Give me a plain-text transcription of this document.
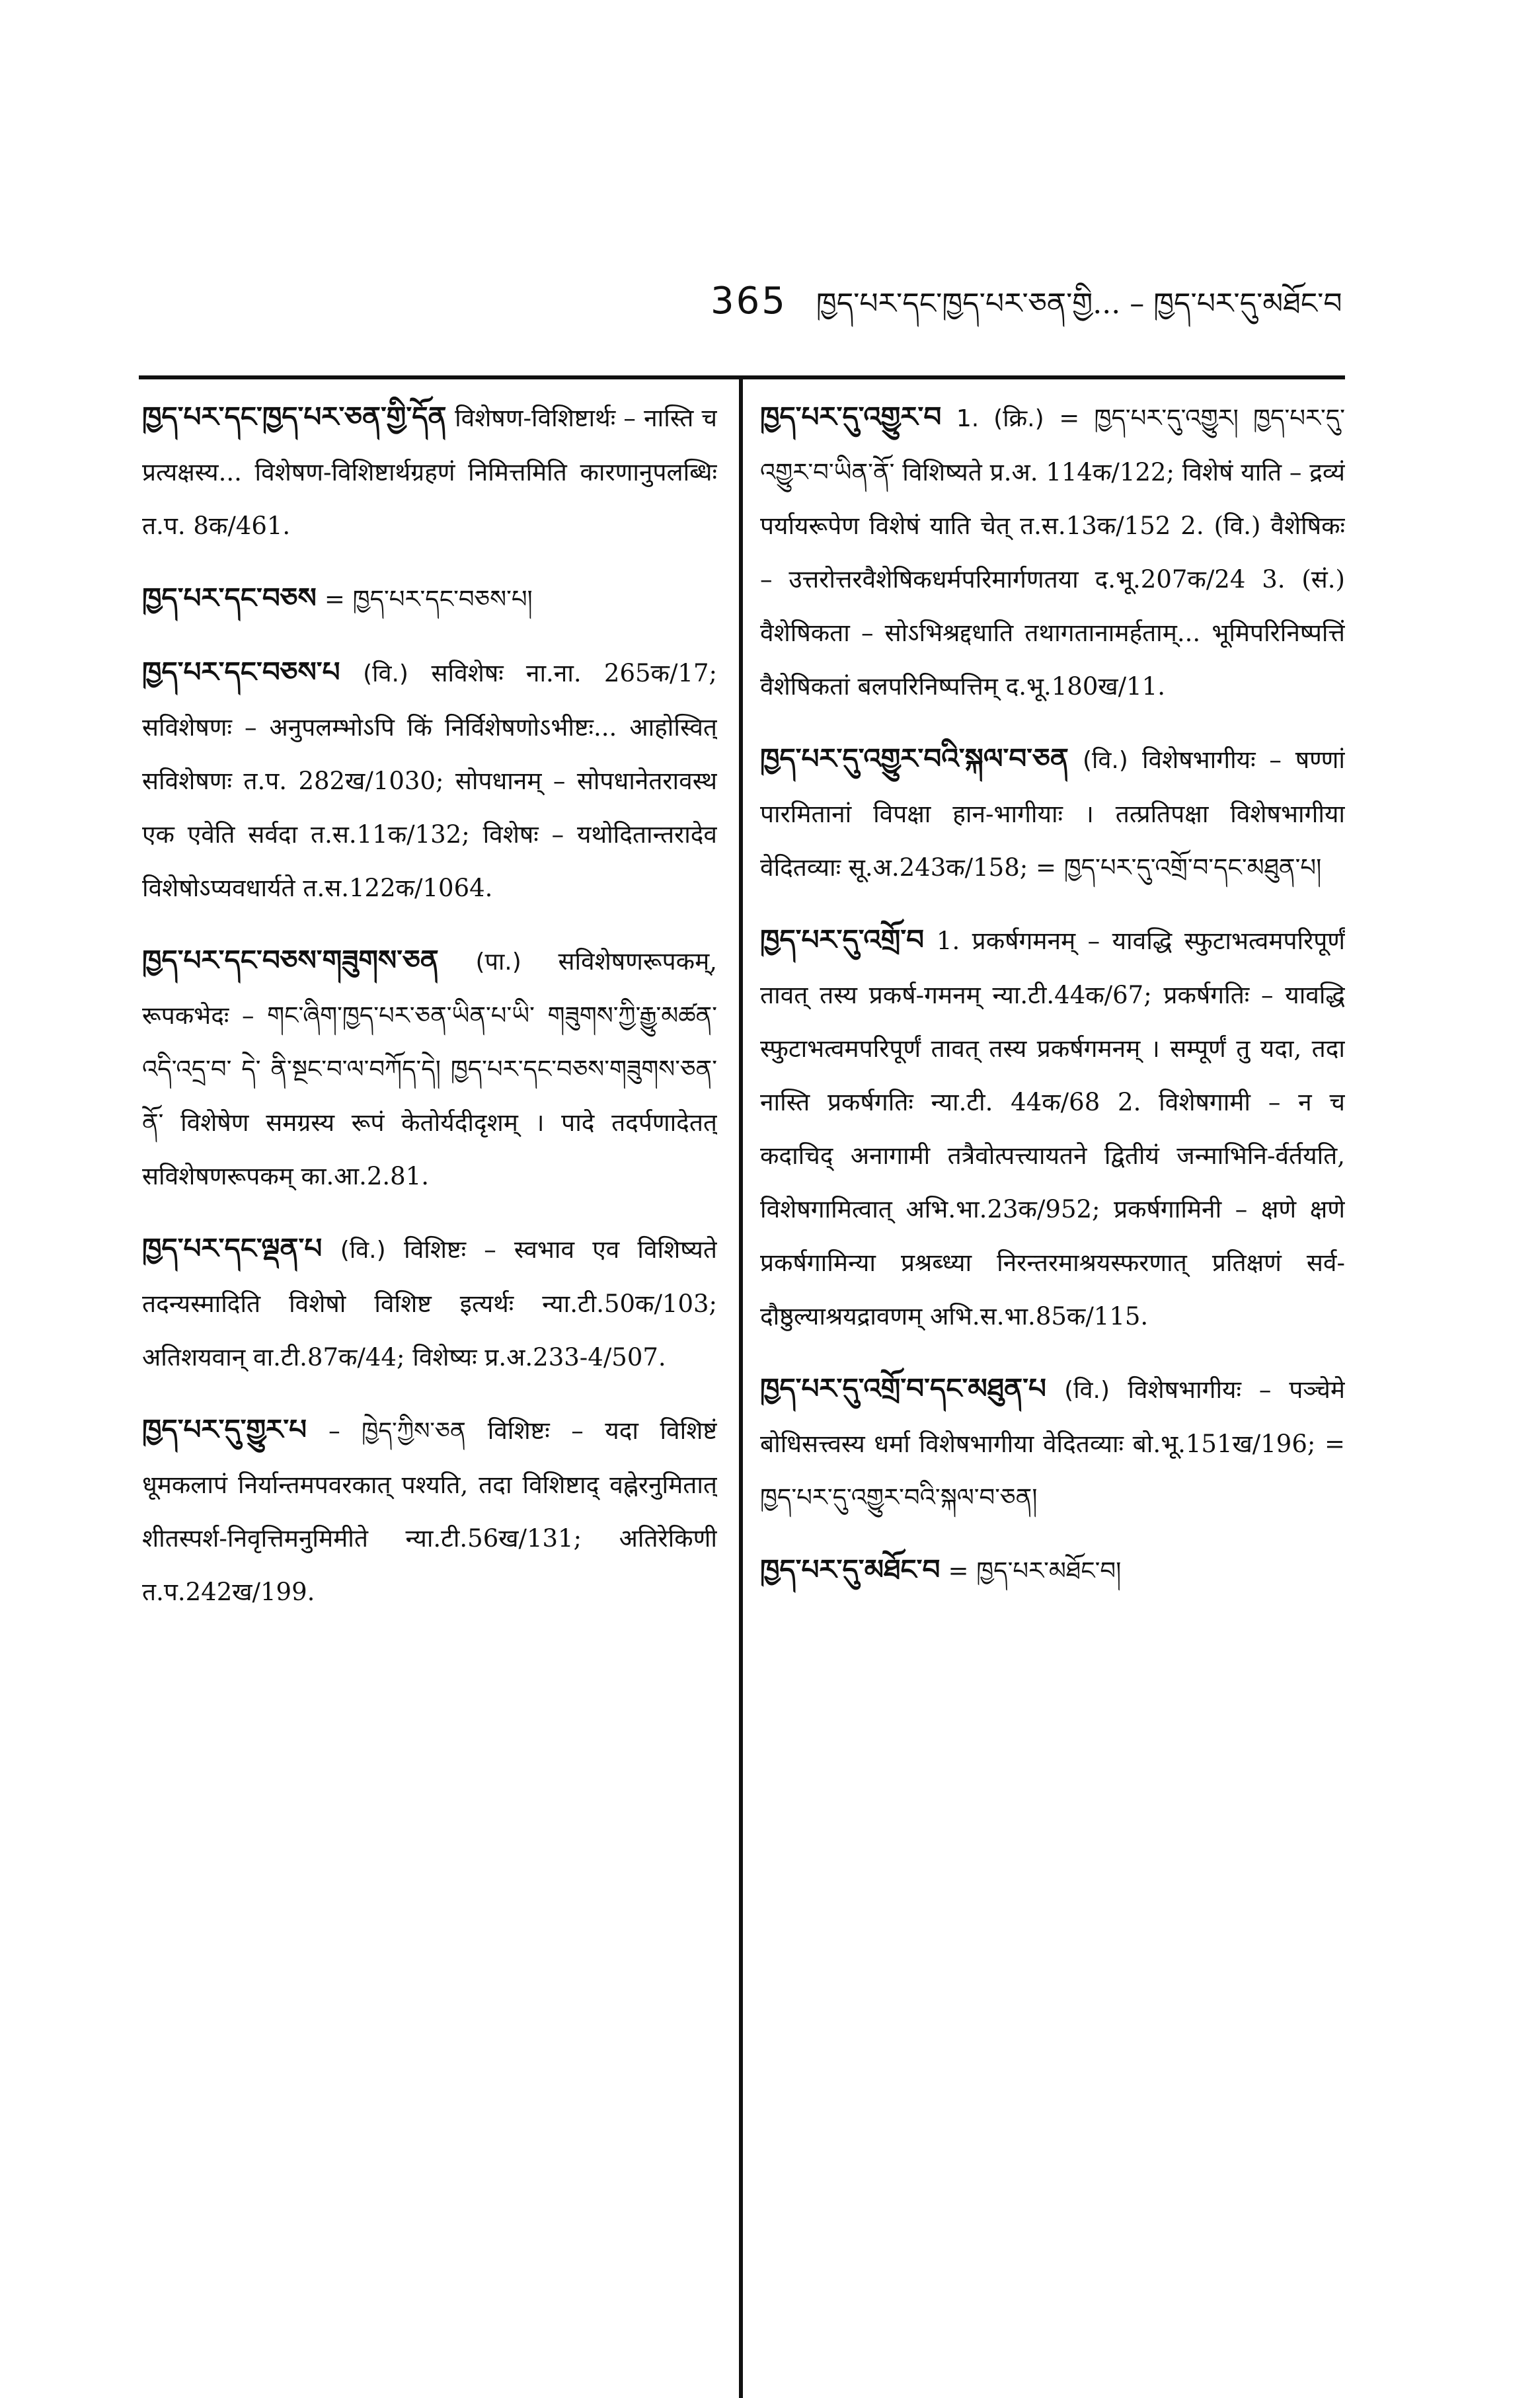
365 ཁྱད་པར་དང་ཁྱད་པར་ཅན་གྱི... – ཁྱད་པར་དུ་མཐོང་བ
ཁྱད་པར་དང་ཁྱད་པར་ཅན་གྱི་དོན विशेषण-विशिष्टार्थः – नास्ति च प्रत्यक्षस्य... विशेषण-विशिष्टार्थग्रहणं निमित्तमिति कारणानुपलब्धिः त.प. 8क/461.
ཁྱད་པར་དང་བཅས = ཁྱད་པར་དང་བཅས་པ།
ཁྱད་པར་དང་བཅས་པ (वि.) सविशेषः ना.ना. 265क/17; सविशेषणः – अनुपलम्भोऽपि किं निर्विशेषणोऽभीष्टः... आहोस्वित् सविशेषणः त.प. 282ख/1030; सोपधानम् – सोपधानेतरावस्थ एक एवेति सर्वदा त.स.11क/132; विशेषः – यथोदितान्तरादेव विशेषोऽप्यवधार्यते त.स.122क/1064.
ཁྱད་པར་དང་བཅས་གཟུགས་ཅན (पा.) सविशेषणरूपकम्, रूपकभेदः – གང་ཞིག་ཁྱད་པར་ཅན་ཡིན་པ་ཡི་ གཟུགས་ཀྱི་རྒྱུ་མཚན་འདི་འདྲ་བ་ དེ་ ནི་སྔང་བ་ལ་བཀོད་དེ། ཁྱད་པར་དང་བཅས་གཟུགས་ཅན་ནོ་ विशेषेण समग्रस्य रूपं केतोर्यदीदृशम् । पादे तदर्पणादेतत् सविशेषणरूपकम् का.आ.2.81.
ཁྱད་པར་དང་ལྡན་པ (वि.) विशिष्टः – स्वभाव एव विशिष्यते तदन्यस्मादिति विशेषो विशिष्ट इत्यर्थः न्या.टी.50क/103; अतिशयवान् वा.टी.87क/44; विशेष्यः प्र.अ.233-4/507.
ཁྱད་པར་དུ་གྱུར་པ – ཁྱེད་ཀྱིས་ཅན विशिष्टः – यदा विशिष्टं धूमकलापं निर्यान्तमपवरकात् पश्यति, तदा विशिष्टाद् वह्नेरनुमितात् शीतस्पर्श-निवृत्तिमनुमिमीते न्या.टी.56ख/131; अतिरेकिणी त.प.242ख/199.
ཁྱད་པར་དུ་འགྱུར་བ 1. (क्रि.) = ཁྱད་པར་དུ་འགྱུར། ཁྱད་པར་དུ་འགྱུར་བ་ཡིན་ནོ་ विशिष्यते प्र.अ. 114क/122; विशेषं याति – द्रव्यं पर्यायरूपेण विशेषं याति चेत् त.स.13क/152 2. (वि.) वैशेषिकः – उत्तरोत्तरवैशेषिकधर्मपरिमार्गणतया द.भू.207क/24 3. (सं.) वैशेषिकता – सोऽभिश्रद्दधाति तथागतानामर्हताम्... भूमिपरिनिष्पत्तिं वैशेषिकतां बलपरिनिष्पत्तिम् द.भू.180ख/11.
ཁྱད་པར་དུ་འགྱུར་བའི་སྐལ་བ་ཅན (वि.) विशेषभागीयः – षण्णां पारमितानां विपक्षा हान-भागीयाः । तत्प्रतिपक्षा विशेषभागीया वेदितव्याः सू.अ.243क/158; = ཁྱད་པར་དུ་འགྲོ་བ་དང་མཐུན་པ།
ཁྱད་པར་དུ་འགྲོ་བ 1. प्रकर्षगमनम् – यावद्धि स्फुटाभत्वमपरिपूर्णं तावत् तस्य प्रकर्ष-गमनम् न्या.टी.44क/67; प्रकर्षगतिः – यावद्धि स्फुटाभत्वमपरिपूर्णं तावत् तस्य प्रकर्षगमनम् । सम्पूर्णं तु यदा, तदा नास्ति प्रकर्षगतिः न्या.टी. 44क/68 2. विशेषगामी – न च कदाचिद् अनागामी तत्रैवोत्पत्त्यायतने द्वितीयं जन्माभिनि-र्वर्तयति, विशेषगामित्वात् अभि.भा.23क/952; प्रकर्षगामिनी – क्षणे क्षणे प्रकर्षगामिन्या प्रश्रब्ध्या निरन्तरमाश्रयस्फरणात् प्रतिक्षणं सर्व-दौष्ठुल्याश्रयद्रावणम् अभि.स.भा.85क/115.
ཁྱད་པར་དུ་འགྲོ་བ་དང་མཐུན་པ (वि.) विशेषभागीयः – पञ्चेमे बोधिसत्त्वस्य धर्मा विशेषभागीया वेदितव्याः बो.भू.151ख/196; = ཁྱད་པར་དུ་འགྱུར་བའི་སྐལ་བ་ཅན།
ཁྱད་པར་དུ་མཐོང་བ = ཁྱད་པར་མཐོང་བ།
